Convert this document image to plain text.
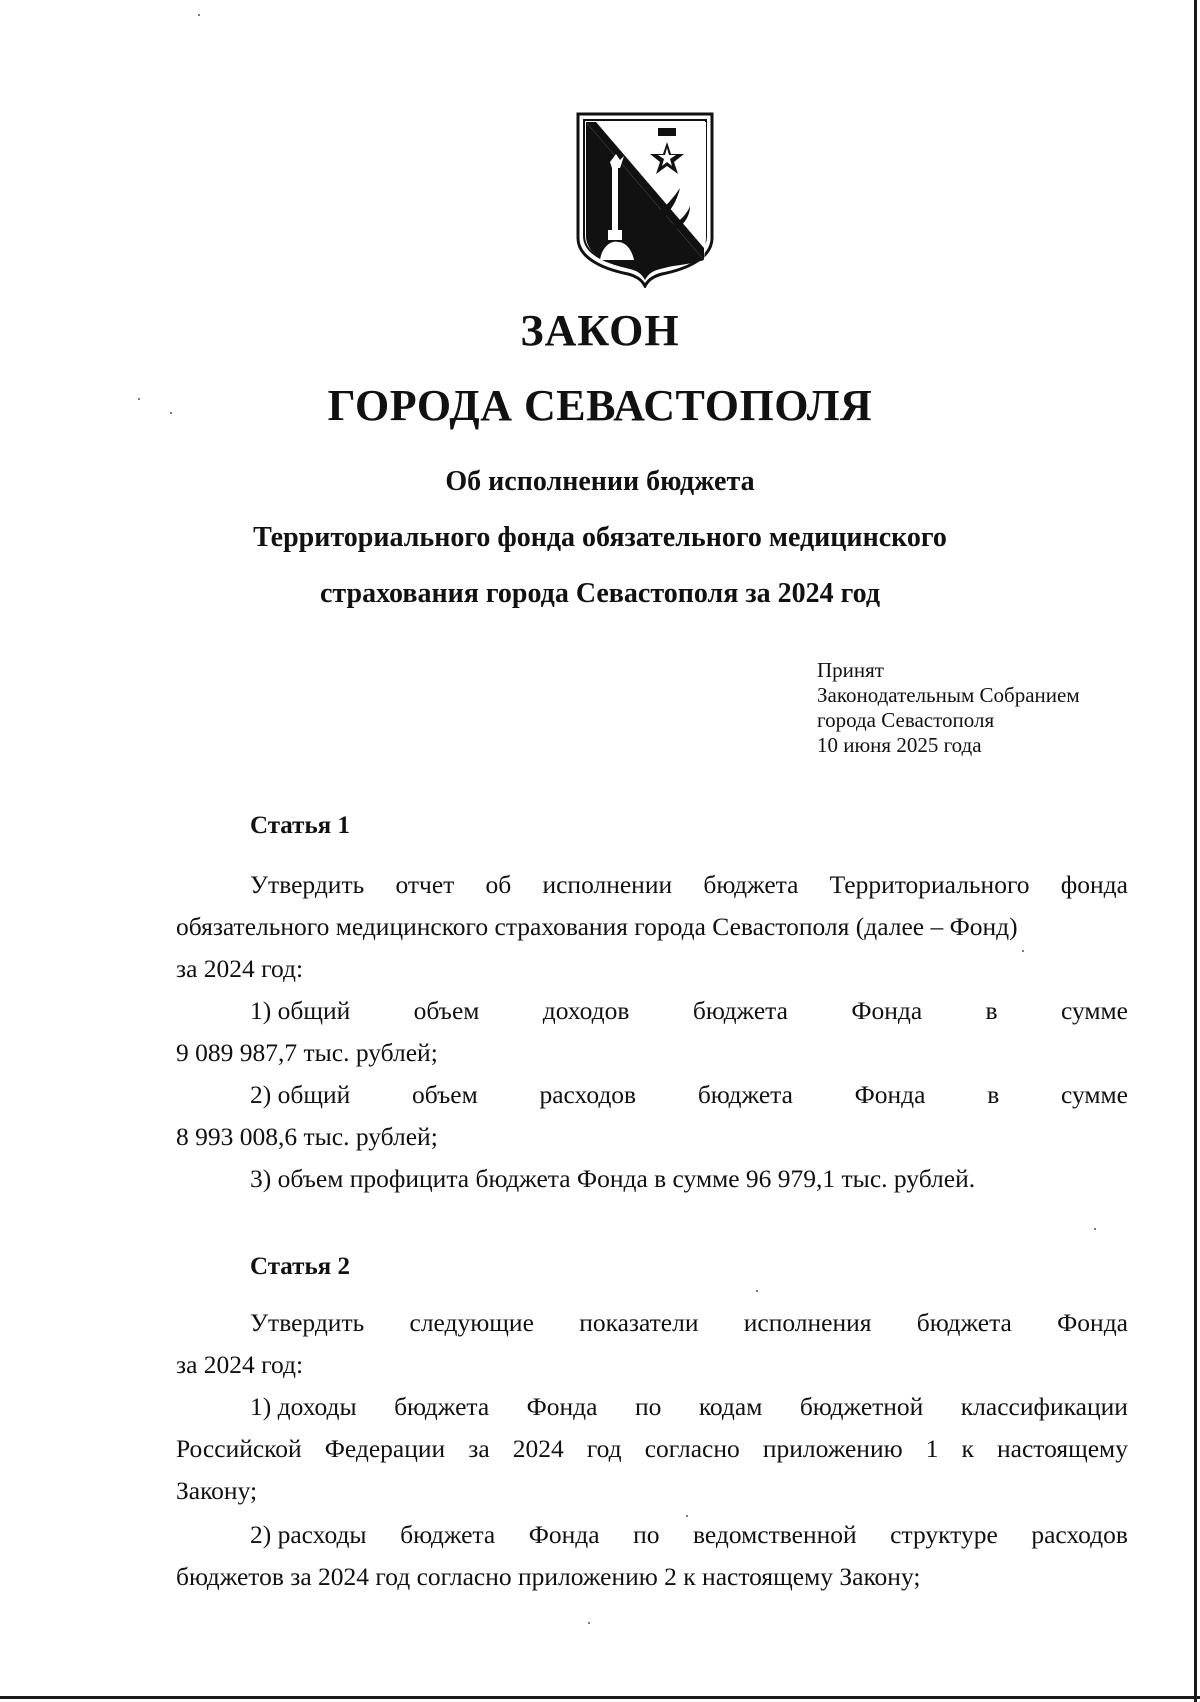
ЗАКОН
ГОРОДА СЕВАСТОПОЛЯ
Об исполнении бюджета
Территориального фонда обязательного медицинского
страхования города Севастополя за 2024 год
Принят
Законодательным Собранием
города Севастополя
10 июня 2025 года
Статья 1
Утвердить отчет об исполнении бюджета Территориального фонда
обязательного медицинского страхования города Севастополя (далее – Фонд)
за 2024 год:
1) общий объем доходов бюджета Фонда в сумме
9 089 987,7 тыс. рублей;
2) общий объем расходов бюджета Фонда в сумме
8 993 008,6 тыс. рублей;
3) объем профицита бюджета Фонда в сумме 96 979,1 тыс. рублей.
Статья 2
Утвердить следующие показатели исполнения бюджета Фонда
за 2024 год:
1) доходы бюджета Фонда по кодам бюджетной классификации
Российской Федерации за 2024 год согласно приложению 1 к настоящему
Закону;
2) расходы бюджета Фонда по ведомственной структуре расходов
бюджетов за 2024 год согласно приложению 2 к настоящему Закону;
